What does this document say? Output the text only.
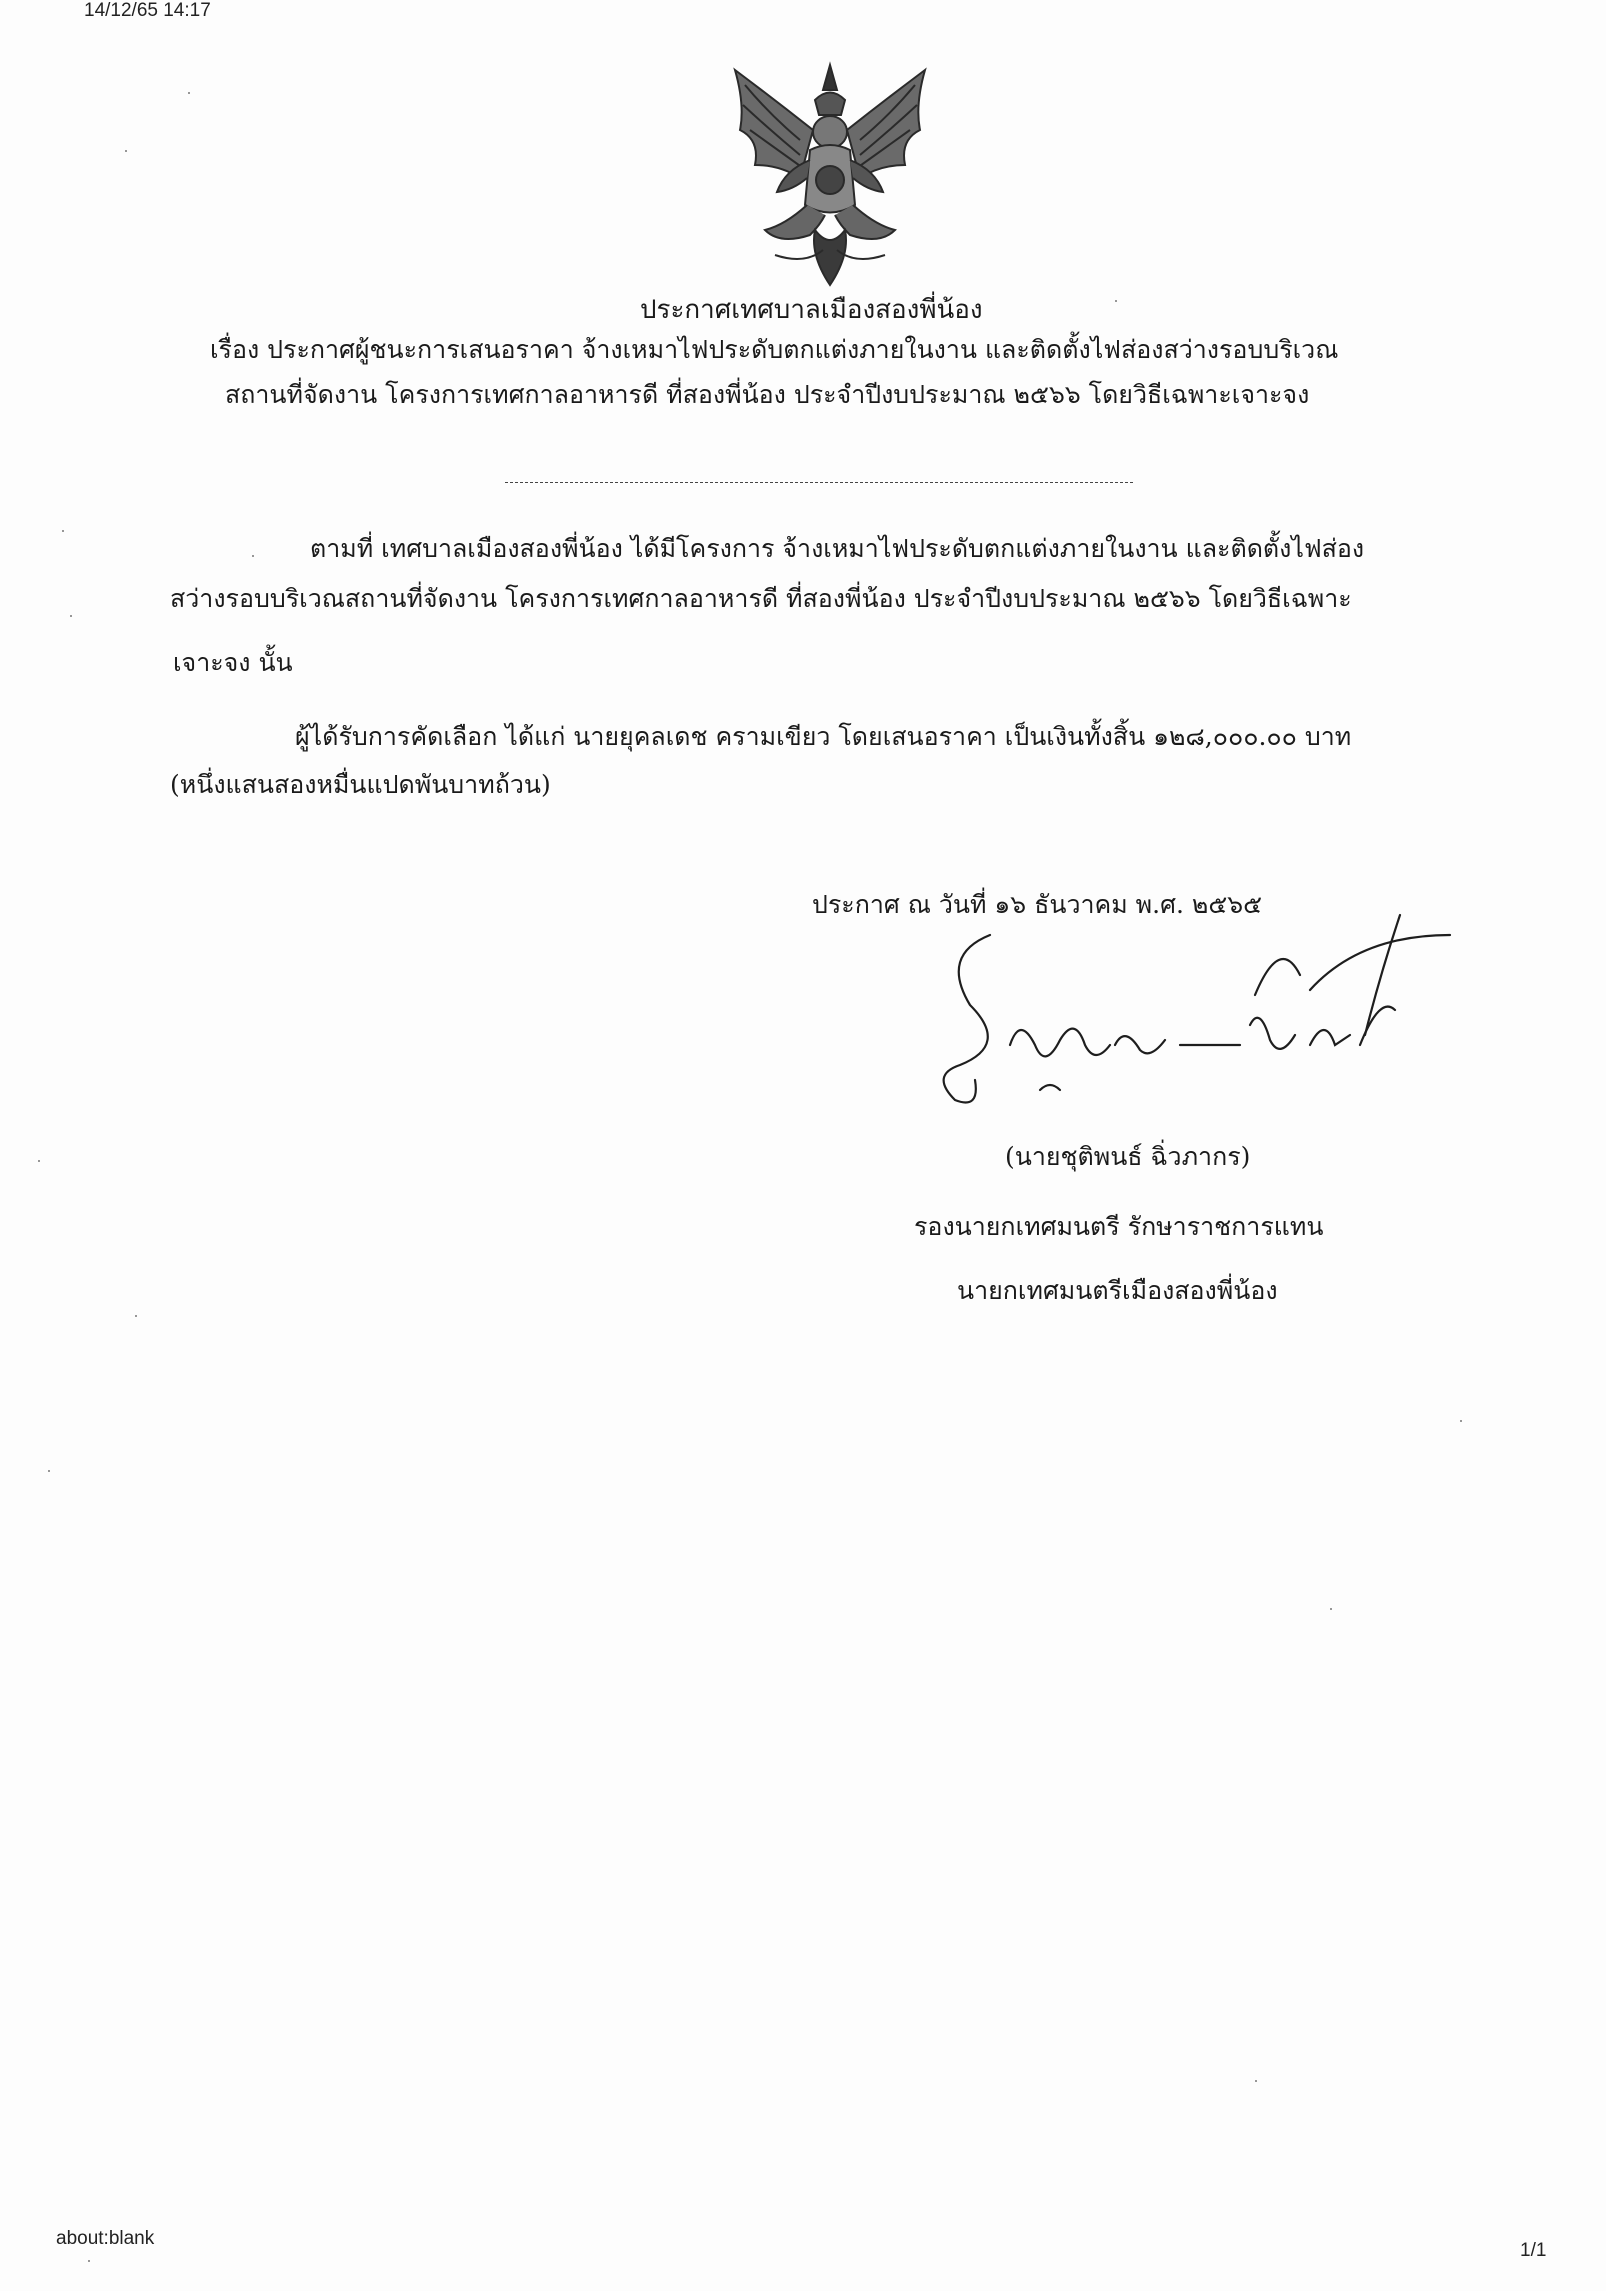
14/12/65 14:17
ประกาศเทศบาลเมืองสองพี่น้อง
เรื่อง ประกาศผู้ชนะการเสนอราคา จ้างเหมาไฟประดับตกแต่งภายในงาน และติดตั้งไฟส่องสว่างรอบบริเวณ
สถานที่จัดงาน โครงการเทศกาลอาหารดี ที่สองพี่น้อง ประจำปีงบประมาณ ๒๕๖๖ โดยวิธีเฉพาะเจาะจง
ตามที่ เทศบาลเมืองสองพี่น้อง ได้มีโครงการ จ้างเหมาไฟประดับตกแต่งภายในงาน และติดตั้งไฟส่อง
สว่างรอบบริเวณสถานที่จัดงาน โครงการเทศกาลอาหารดี ที่สองพี่น้อง ประจำปีงบประมาณ ๒๕๖๖ โดยวิธีเฉพาะ
เจาะจง นั้น
ผู้ได้รับการคัดเลือก ได้แก่ นายยุคลเดช ครามเขียว โดยเสนอราคา เป็นเงินทั้งสิ้น ๑๒๘,๐๐๐.๐๐ บาท
(หนึ่งแสนสองหมื่นแปดพันบาทถ้วน)
ประกาศ ณ วันที่ ๑๖ ธันวาคม พ.ศ. ๒๕๖๕
(นายชุติพนธ์ ฉิ่วภากร)
รองนายกเทศมนตรี รักษาราชการแทน
นายกเทศมนตรีเมืองสองพี่น้อง
about:blank
1/1
